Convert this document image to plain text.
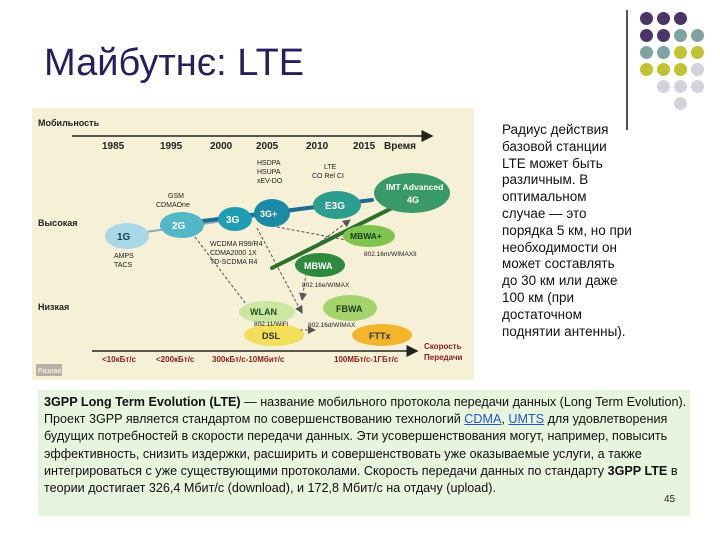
Майбутнє: LTE
Pазная
Мобильность
1985	1995	2000 2005	2010 2015 Время
Высокая
Низкая
1G
2G
3G
3G+
E3G
IMT Advanced
4G
MBWA+
MBWA
WLAN	FBWA
DSL	FTTx
AMPS
TACS
GSM
CDMAOne
HSDPA
HSUPA
xEV-DO
LTE
CO Rel CI
WCDMA R99/R4
CDMA2000 1X
TD-SCDMA R4
802.16m/WIMAXII
802.16e/WIMAX
802.11/WiFi	802.16d/WIMAX
<10кБт/с	<200кБт/с 300кБт/с-10Мбит/с	100МБт/с-1ГБт/с
Скорость
Передачи
Радиус действия базовой станции LTE может быть различным. В оптимальном случае — это порядка 5 км, но при необходимости он может составлять до 30 км или даже 100 км (при достаточном поднятии антенны).
3GPP Long Term Evolution (LTE) — название мобильного протокола передачи данных (Long Term Evolution). Проект 3GPP является стандартом по совершенствованию технологий CDMA, UMTS для удовлетворения будущих потребностей в скорости передачи данных. Эти усовершенствования могут, например, повысить эффективность, снизить издержки, расширить и совершенствовать уже оказываемые услуги, а также интегрироваться с уже существующими протоколами. Скорость передачи данных по стандарту 3GPP LTE в теории достигает 326,4 Мбит/с (download), и 172,8 Мбит/с на отдачу (upload).
45
